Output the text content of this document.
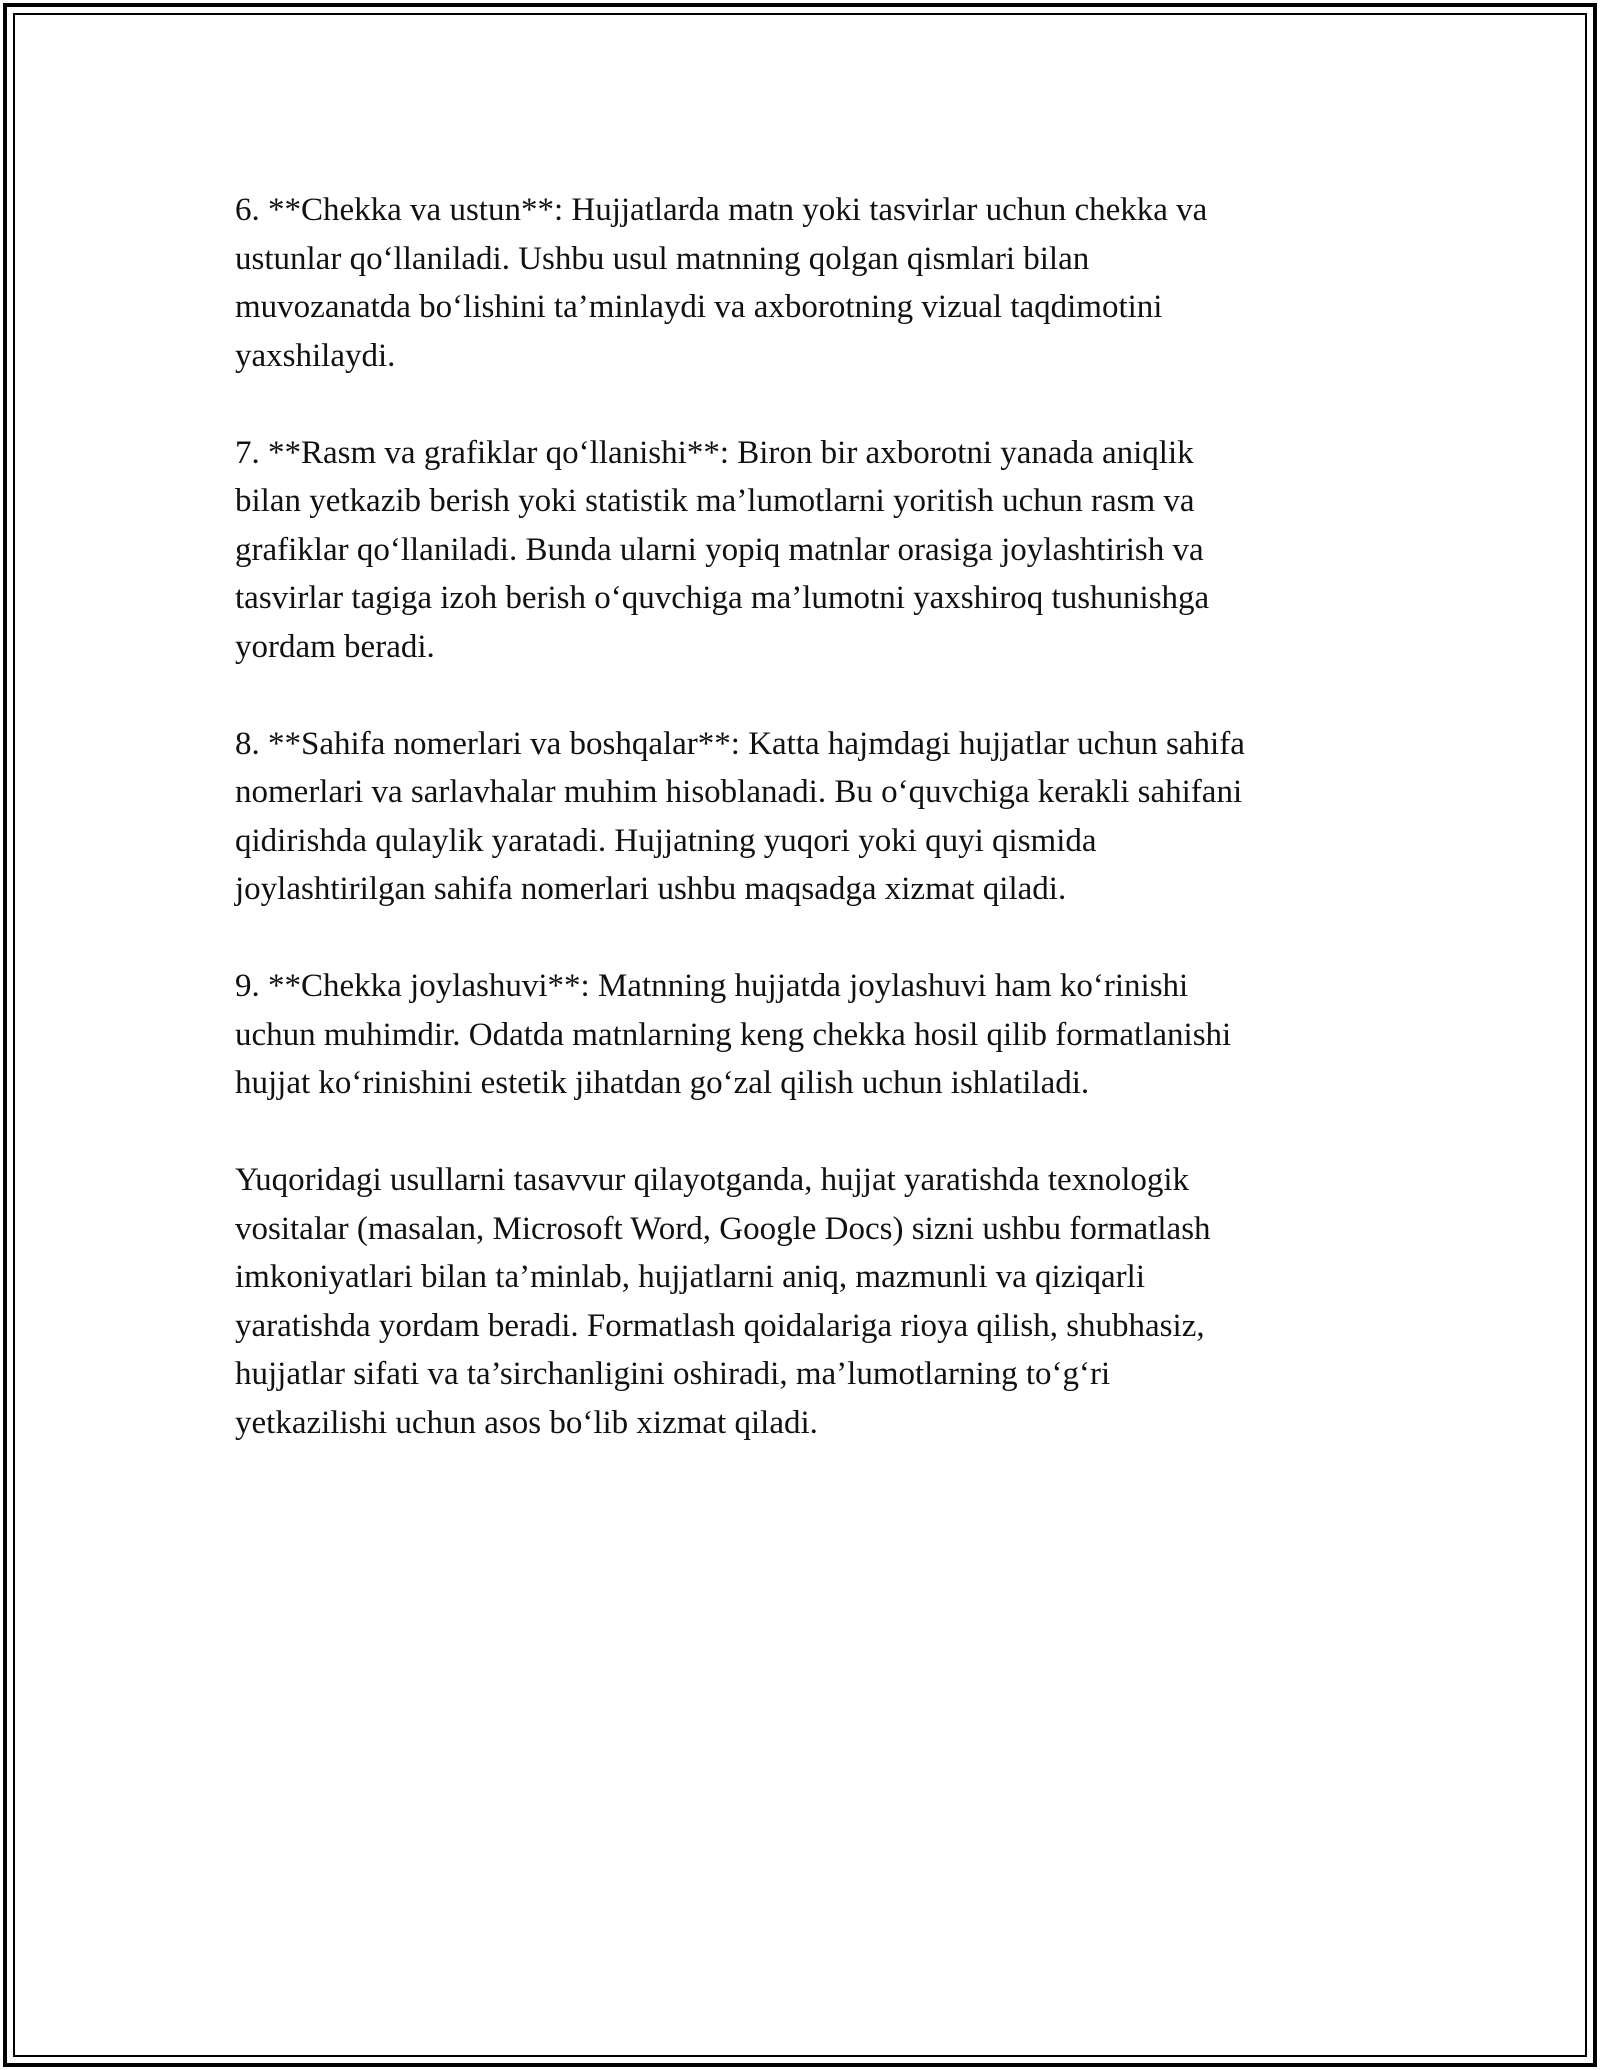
6. **Chekka va ustun**: Hujjatlarda matn yoki tasvirlar uchun chekka va
ustunlar qo‘llaniladi. Ushbu usul matnning qolgan qismlari bilan
muvozanatda bo‘lishini ta’minlaydi va axborotning vizual taqdimotini
yaxshilaydi.

7. **Rasm va grafiklar qo‘llanishi**: Biron bir axborotni yanada aniqlik
bilan yetkazib berish yoki statistik ma’lumotlarni yoritish uchun rasm va
grafiklar qo‘llaniladi. Bunda ularni yopiq matnlar orasiga joylashtirish va
tasvirlar tagiga izoh berish o‘quvchiga ma’lumotni yaxshiroq tushunishga
yordam beradi.

8. **Sahifa nomerlari va boshqalar**: Katta hajmdagi hujjatlar uchun sahifa
nomerlari va sarlavhalar muhim hisoblanadi. Bu o‘quvchiga kerakli sahifani
qidirishda qulaylik yaratadi. Hujjatning yuqori yoki quyi qismida
joylashtirilgan sahifa nomerlari ushbu maqsadga xizmat qiladi.

9. **Chekka joylashuvi**: Matnning hujjatda joylashuvi ham ko‘rinishi
uchun muhimdir. Odatda matnlarning keng chekka hosil qilib formatlanishi
hujjat ko‘rinishini estetik jihatdan go‘zal qilish uchun ishlatiladi.

Yuqoridagi usullarni tasavvur qilayotganda, hujjat yaratishda texnologik
vositalar (masalan, Microsoft Word, Google Docs) sizni ushbu formatlash
imkoniyatlari bilan ta’minlab, hujjatlarni aniq, mazmunli va qiziqarli
yaratishda yordam beradi. Formatlash qoidalariga rioya qilish, shubhasiz,
hujjatlar sifati va ta’sirchanligini oshiradi, ma’lumotlarning to‘g‘ri
yetkazilishi uchun asos bo‘lib xizmat qiladi.
